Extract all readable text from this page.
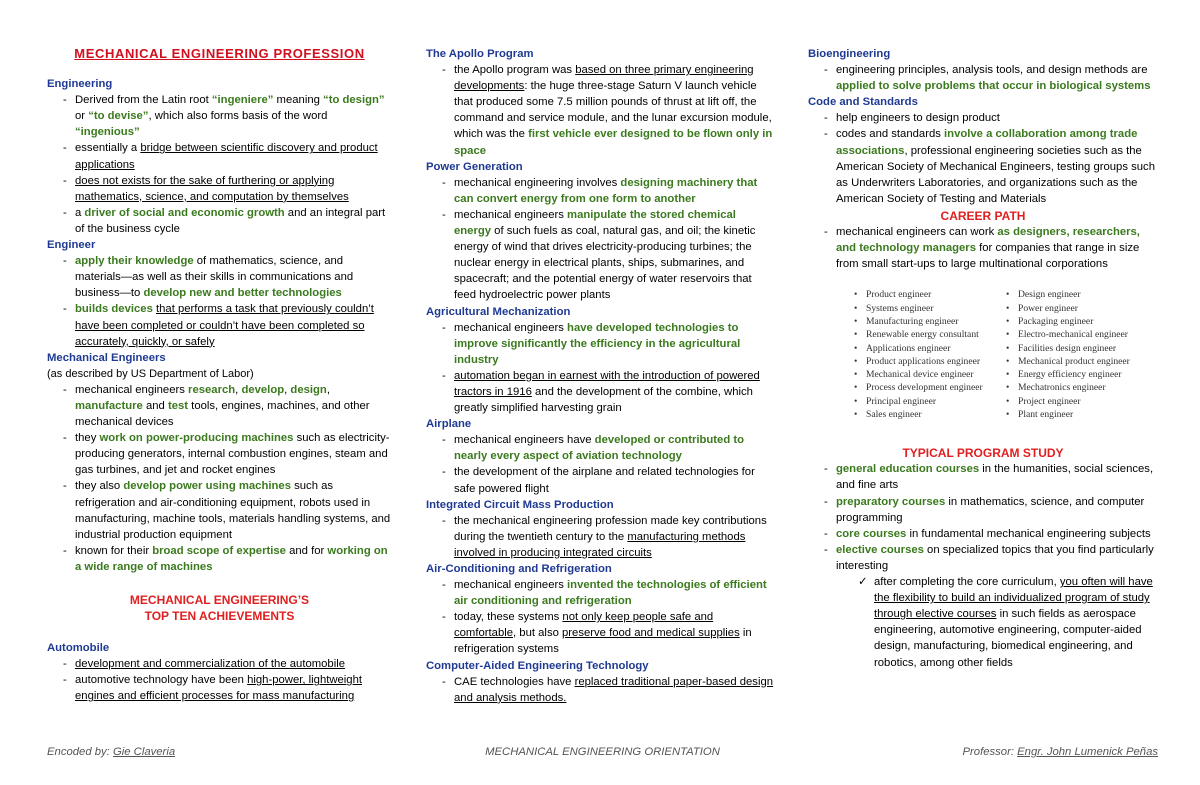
MECHANICAL ENGINEERING PROFESSION
Engineering
- Derived from the Latin root “ingeniere” meaning “to design” or “to devise”, which also forms basis of the word “ingenious”
- essentially a bridge between scientific discovery and product applications
- does not exists for the sake of furthering or applying mathematics, science, and computation by themselves
- a driver of social and economic growth and an integral part of the business cycle
Engineer
- apply their knowledge of mathematics, science, and materials—as well as their skills in communications and business—to develop new and better technologies
- builds devices that performs a task that previously couldn’t have been completed or couldn’t have been completed so accurately, quickly, or safely
Mechanical Engineers
(as described by US Department of Labor)
- mechanical engineers research, develop, design, manufacture and test tools, engines, machines, and other mechanical devices
- they work on power-producing machines such as electricity-producing generators, internal combustion engines, steam and gas turbines, and jet and rocket engines
- they also develop power using machines such as refrigeration and air-conditioning equipment, robots used in manufacturing, machine tools, materials handling systems, and industrial production equipment
- known for their broad scope of expertise and for working on a wide range of machines
MECHANICAL ENGINEERING’S
TOP TEN ACHIEVEMENTS
Automobile
- development and commercialization of the automobile
- automotive technology have been high-power, lightweight engines and efficient processes for mass manufacturing
The Apollo Program
- the Apollo program was based on three primary engineering developments: the huge three-stage Saturn V launch vehicle that produced some 7.5 million pounds of thrust at lift off, the command and service module, and the lunar excursion module, which was the first vehicle ever designed to be flown only in space
Power Generation
- mechanical engineering involves designing machinery that can convert energy from one form to another
- mechanical engineers manipulate the stored chemical energy of such fuels as coal, natural gas, and oil; the kinetic energy of wind that drives electricity-producing turbines; the nuclear energy in electrical plants, ships, submarines, and spacecraft; and the potential energy of water reservoirs that feed hydroelectric power plants
Agricultural Mechanization
- mechanical engineers have developed technologies to improve significantly the efficiency in the agricultural industry
- automation began in earnest with the introduction of powered tractors in 1916 and the development of the combine, which greatly simplified harvesting grain
Airplane
- mechanical engineers have developed or contributed to nearly every aspect of aviation technology
- the development of the airplane and related technologies for safe powered flight
Integrated Circuit Mass Production
- the mechanical engineering profession made key contributions during the twentieth century to the manufacturing methods involved in producing integrated circuits
Air-Conditioning and Refrigeration
- mechanical engineers invented the technologies of efficient air conditioning and refrigeration
- today, these systems not only keep people safe and comfortable, but also preserve food and medical supplies in refrigeration systems
Computer-Aided Engineering Technology
- CAE technologies have replaced traditional paper-based design and analysis methods.
Bioengineering
- engineering principles, analysis tools, and design methods are applied to solve problems that occur in biological systems
Code and Standards
- help engineers to design product
- codes and standards involve a collaboration among trade associations, professional engineering societies such as the American Society of Mechanical Engineers, testing groups such as Underwriters Laboratories, and organizations such as the American Society of Testing and Materials
CAREER PATH
- mechanical engineers can work as designers, researchers, and technology managers for companies that range in size from small start-ups to large multinational corporations
• Product engineer	• Design engineer
• Systems engineer	• Power engineer
• Manufacturing engineer	• Packaging engineer
• Renewable energy consultant	• Electro-mechanical engineer
• Applications engineer	• Facilities design engineer
• Product applications engineer	• Mechanical product engineer
• Mechanical device engineer	• Energy efficiency engineer
• Process development engineer	• Mechatronics engineer
• Principal engineer	• Project engineer
• Sales engineer	• Plant engineer
TYPICAL PROGRAM STUDY
- general education courses in the humanities, social sciences, and fine arts
- preparatory courses in mathematics, science, and computer programming
- core courses in fundamental mechanical engineering subjects
- elective courses on specialized topics that you find particularly interesting
✓ after completing the core curriculum, you often will have the flexibility to build an individualized program of study through elective courses in such fields as aerospace engineering, automotive engineering, computer-aided design, manufacturing, biomedical engineering, and robotics, among other fields
Encoded by: Gie Claveria	MECHANICAL ENGINEERING ORIENTATION	Professor: Engr. John Lumenick Peñas
